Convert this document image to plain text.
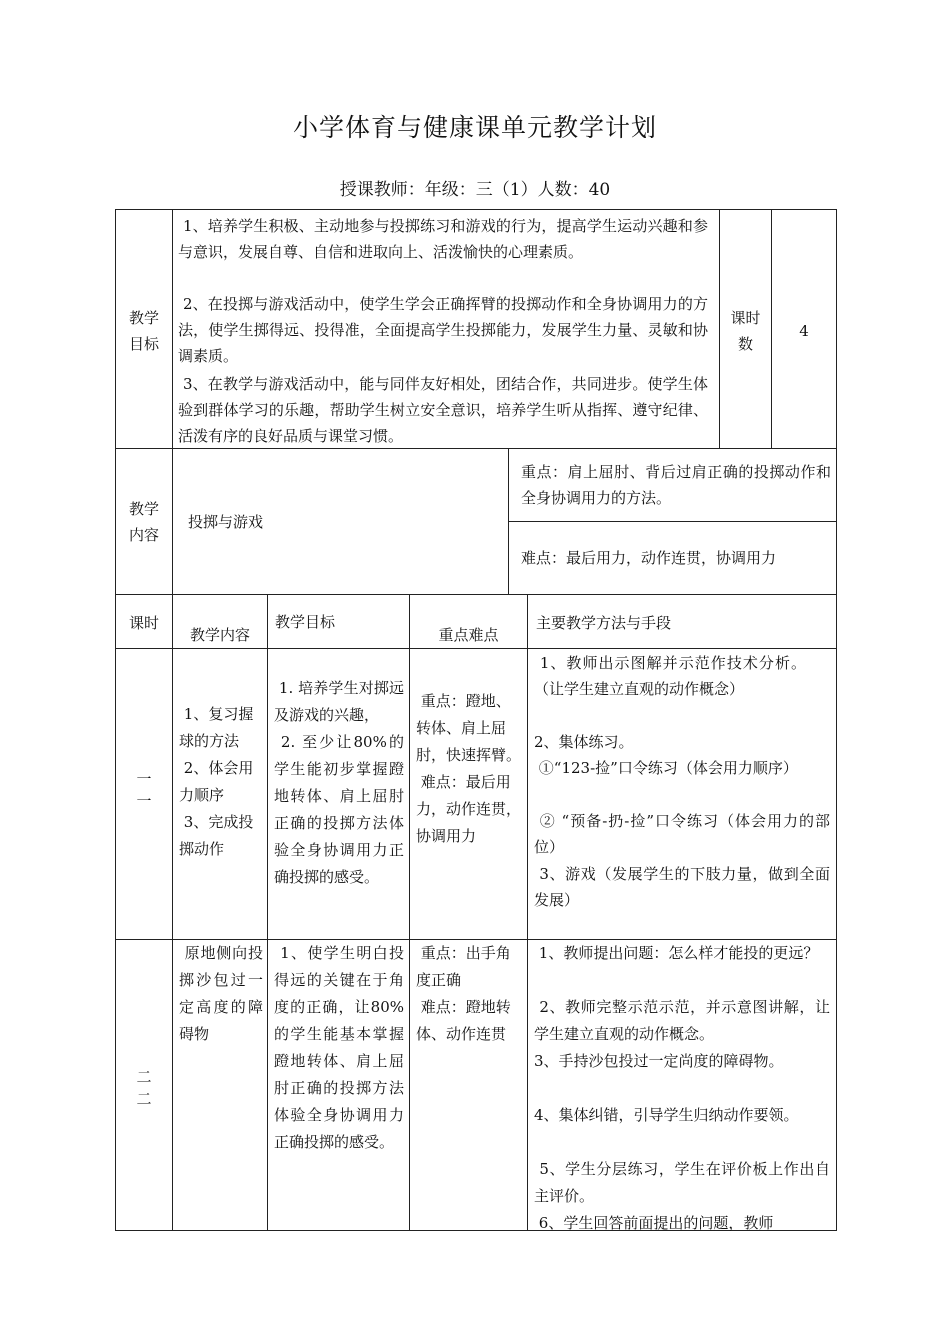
小学体育与健康课单元教学计划
授课教师：年级：三（1）人数：40
教学
目标
1、培养学生积极、主动地参与投掷练习和游戏的行为，提高学生运动兴趣和参与意识，发展自尊、自信和进取向上、活泼愉快的心理素质。
2、在投掷与游戏活动中，使学生学会正确挥臂的投掷动作和全身协调用力的方法，使学生掷得远、投得准，全面提高学生投掷能力，发展学生力量、灵敏和协调素质。
3、在教学与游戏活动中，能与同伴友好相处，团结合作，共同进步。使学生体验到群体学习的乐趣，帮助学生树立安全意识，培养学生听从指挥、遵守纪律、活泼有序的良好品质与课堂习惯。
课时
数
4
教学
内容
投掷与游戏
重点：肩上屈肘、背后过肩正确的投掷动作和全身协调用力的方法。
难点：最后用力，动作连贯，协调用力
课时
教学内容
教学目标
重点难点
主要教学方法与手段
一
一
1、复习握球的方法
2、体会用力顺序
3、完成投掷动作
1. 培养学生对掷远及游戏的兴趣，
2. 至少让80%的学生能初步掌握蹬地转体、肩上屈肘正确的投掷方法体验全身协调用力正确投掷的感受。
重点：蹬地、转体、肩上屈肘，快速挥臂。
难点：最后用力，动作连贯，协调用力
1、教师出示图解并示范作技术分析。（让学生建立直观的动作概念）
2、集体练习。
①“123-捡”口令练习（体会用力顺序）
② “预备-扔-捡”口令练习（体会用力的部位）
3、游戏（发展学生的下肢力量，做到全面发展）
二
二
原地侧向投掷沙包过一定高度的障碍物
1、使学生明白投得远的关键在于角度的正确，让80%的学生能基本掌握蹬地转体、肩上屈肘正确的投掷方法体验全身协调用力正确投掷的感受。
重点：出手角度正确
难点：蹬地转体、动作连贯
1、教师提出问题：怎么样才能投的更远？
2、教师完整示范示范，并示意图讲解，让学生建立直观的动作概念。
3、手持沙包投过一定尚度的障碍物。
4、集体纠错，引导学生归纳动作要领。
5、学生分层练习，学生在评价板上作出自主评价。
6、学生回答前面提出的问题，教师
